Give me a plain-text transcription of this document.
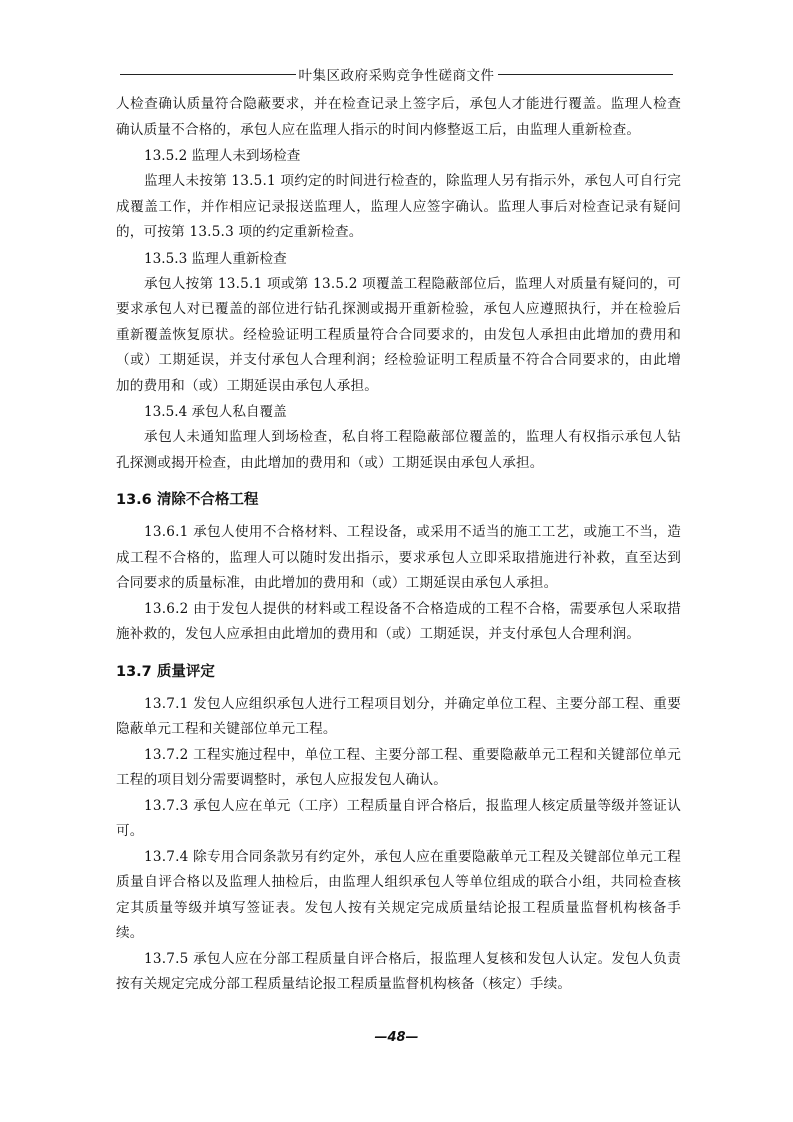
叶集区政府采购竞争性磋商文件

人检查确认质量符合隐蔽要求，并在检查记录上签字后，承包人才能进行覆盖。监理人检查确认质量不合格的，承包人应在监理人指示的时间内修整返工后，由监理人重新检查。

13.5.2 监理人未到场检查

监理人未按第 13.5.1 项约定的时间进行检查的，除监理人另有指示外，承包人可自行完成覆盖工作，并作相应记录报送监理人，监理人应签字确认。监理人事后对检查记录有疑问的，可按第 13.5.3 项的约定重新检查。

13.5.3 监理人重新检查

承包人按第 13.5.1 项或第 13.5.2 项覆盖工程隐蔽部位后，监理人对质量有疑问的，可要求承包人对已覆盖的部位进行钻孔探测或揭开重新检验，承包人应遵照执行，并在检验后重新覆盖恢复原状。经检验证明工程质量符合合同要求的，由发包人承担由此增加的费用和（或）工期延误，并支付承包人合理利润；经检验证明工程质量不符合合同要求的，由此增加的费用和（或）工期延误由承包人承担。

13.5.4 承包人私自覆盖

承包人未通知监理人到场检查，私自将工程隐蔽部位覆盖的，监理人有权指示承包人钻孔探测或揭开检查，由此增加的费用和（或）工期延误由承包人承担。

13.6 清除不合格工程

13.6.1 承包人使用不合格材料、工程设备，或采用不适当的施工工艺，或施工不当，造成工程不合格的，监理人可以随时发出指示，要求承包人立即采取措施进行补救，直至达到合同要求的质量标准，由此增加的费用和（或）工期延误由承包人承担。

13.6.2 由于发包人提供的材料或工程设备不合格造成的工程不合格，需要承包人采取措施补救的，发包人应承担由此增加的费用和（或）工期延误，并支付承包人合理利润。

13.7 质量评定

13.7.1 发包人应组织承包人进行工程项目划分，并确定单位工程、主要分部工程、重要隐蔽单元工程和关键部位单元工程。

13.7.2 工程实施过程中，单位工程、主要分部工程、重要隐蔽单元工程和关键部位单元工程的项目划分需要调整时，承包人应报发包人确认。

13.7.3 承包人应在单元（工序）工程质量自评合格后，报监理人核定质量等级并签证认可。

13.7.4 除专用合同条款另有约定外，承包人应在重要隐蔽单元工程及关键部位单元工程质量自评合格以及监理人抽检后，由监理人组织承包人等单位组成的联合小组，共同检查核定其质量等级并填写签证表。发包人按有关规定完成质量结论报工程质量监督机构核备手续。

13.7.5 承包人应在分部工程质量自评合格后，报监理人复核和发包人认定。发包人负责按有关规定完成分部工程质量结论报工程质量监督机构核备（核定）手续。

—48—
